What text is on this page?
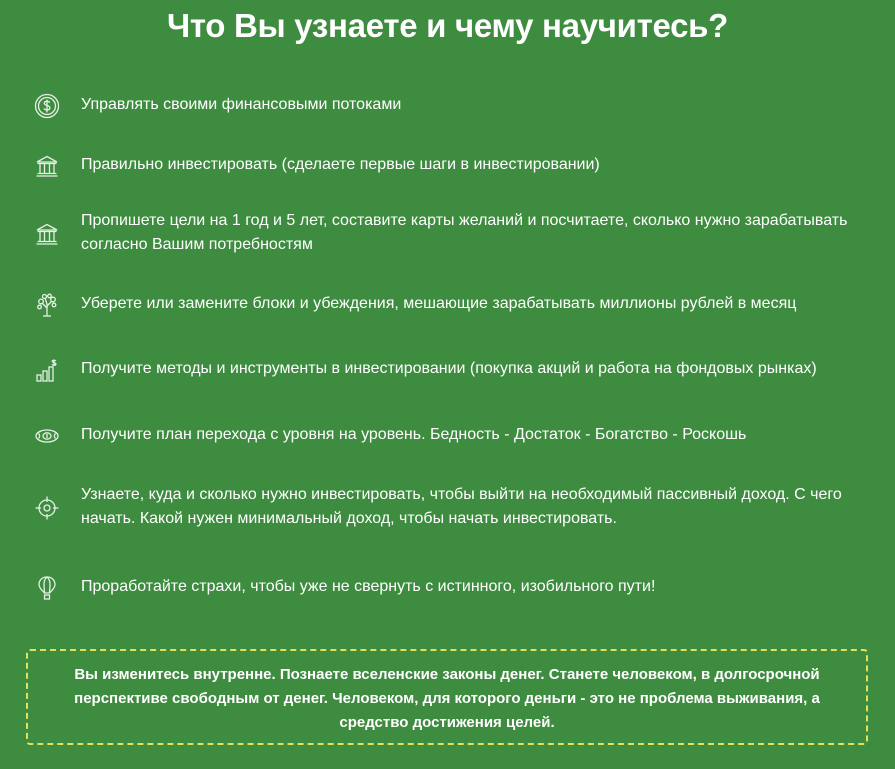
Что Вы узнаете и чему научитесь?
Управлять своими финансовыми потоками
Правильно инвестировать (сделаете первые шаги в инвестировании)
Пропишете цели на 1 год и 5 лет, составите карты желаний и посчитаете, сколько нужно зарабатывать согласно Вашим потребностям
Уберете или замените блоки и убеждения, мешающие зарабатывать миллионы рублей в месяц
Получите методы и инструменты в инвестировании (покупка акций и работа на фондовых рынках)
Получите план перехода с уровня на уровень. Бедность - Достаток - Богатство - Роскошь
Узнаете, куда и сколько нужно инвестировать, чтобы выйти на необходимый пассивный доход. С чего начать. Какой нужен минимальный доход, чтобы начать инвестировать.
Проработайте страхи, чтобы уже не свернуть с истинного, изобильного пути!
Вы изменитесь внутренне. Познаете вселенские законы денег. Станете человеком, в долгосрочной перспективе свободным от денег. Человеком, для которого деньги - это не проблема выживания, а средство достижения целей.
